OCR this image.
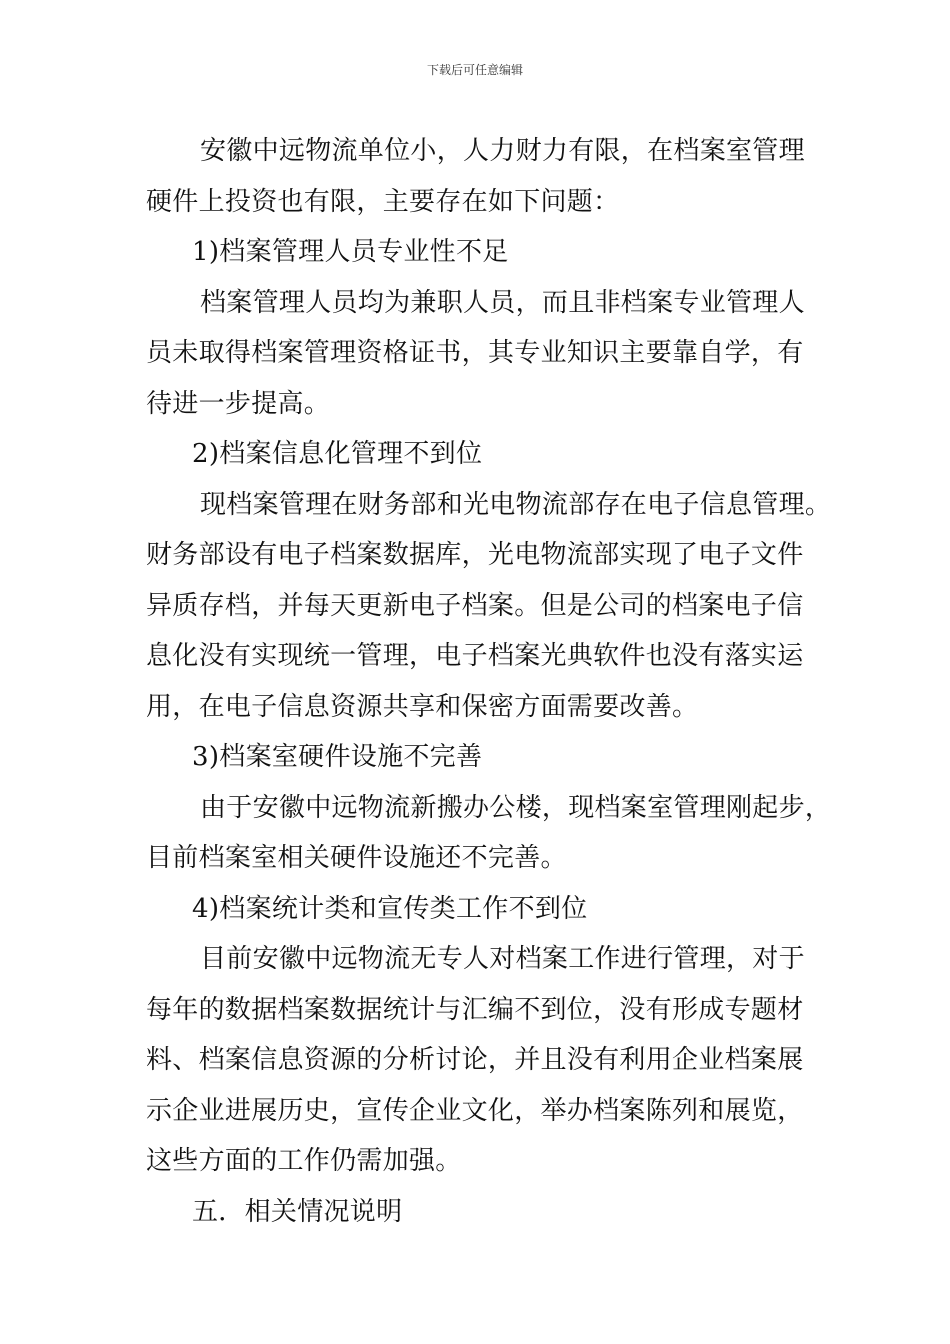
下载后可任意编辑
安徽中远物流单位小，人力财力有限，在档案室管理
硬件上投资也有限，主要存在如下问题：
1)档案管理人员专业性不足
档案管理人员均为兼职人员，而且非档案专业管理人
员未取得档案管理资格证书，其专业知识主要靠自学，有
待进一步提高。
2)档案信息化管理不到位
现档案管理在财务部和光电物流部存在电子信息管理。
财务部设有电子档案数据库，光电物流部实现了电子文件
异质存档，并每天更新电子档案。但是公司的档案电子信
息化没有实现统一管理，电子档案光典软件也没有落实运
用，在电子信息资源共享和保密方面需要改善。
3)档案室硬件设施不完善
由于安徽中远物流新搬办公楼，现档案室管理刚起步，
目前档案室相关硬件设施还不完善。
4)档案统计类和宣传类工作不到位
目前安徽中远物流无专人对档案工作进行管理，对于
每年的数据档案数据统计与汇编不到位，没有形成专题材
料、档案信息资源的分析讨论，并且没有利用企业档案展
示企业进展历史，宣传企业文化，举办档案陈列和展览，
这些方面的工作仍需加强。
五．相关情况说明
